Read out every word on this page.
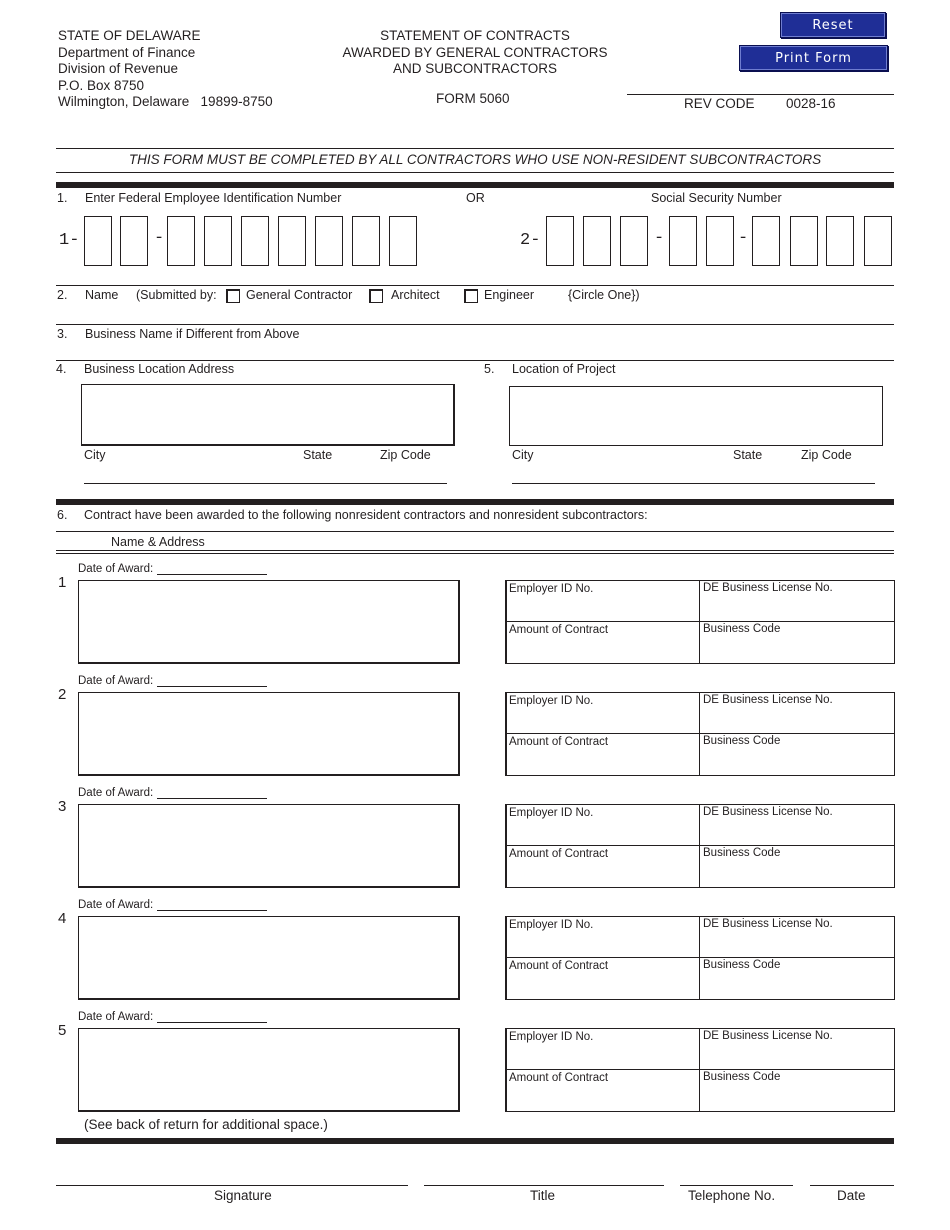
STATE OF DELAWARE
Department of Finance
Division of Revenue
P.O. Box 8750
Wilmington, Delaware   19899-8750
STATEMENT OF CONTRACTS
AWARDED BY GENERAL CONTRACTORS
AND SUBCONTRACTORS
FORM 5060
Reset
Print Form
REV CODE 0028-16
THIS FORM MUST BE COMPLETED BY ALL CONTRACTORS WHO USE NON-RESIDENT SUBCONTRACTORS
1. Enter Federal Employee Identification Number	OR	Social Security Number
1-	-	2-	-	-
2. Name (Submitted by: General Contractor	Architect	Engineer	{Circle One})
3. Business Name if Different from Above
4. Business Location Address
City	State	Zip Code
5. Location of Project
City	State	Zip Code
6. Contract have been awarded to the following nonresident contractors and nonresident subcontractors:
Name & Address
Date of Award:
1	Employer ID No.	DE Business License No.
Amount of Contract	Business Code
Date of Award:
2	Employer ID No.	DE Business License No.
Amount of Contract	Business Code
Date of Award:
3	Employer ID No.	DE Business License No.
Amount of Contract	Business Code
Date of Award:
4	Employer ID No.	DE Business License No.
Amount of Contract	Business Code
Date of Award:
5	Employer ID No.	DE Business License No.
Amount of Contract	Business Code
(See back of return for additional space.)
Signature	Title	Telephone No.	Date
